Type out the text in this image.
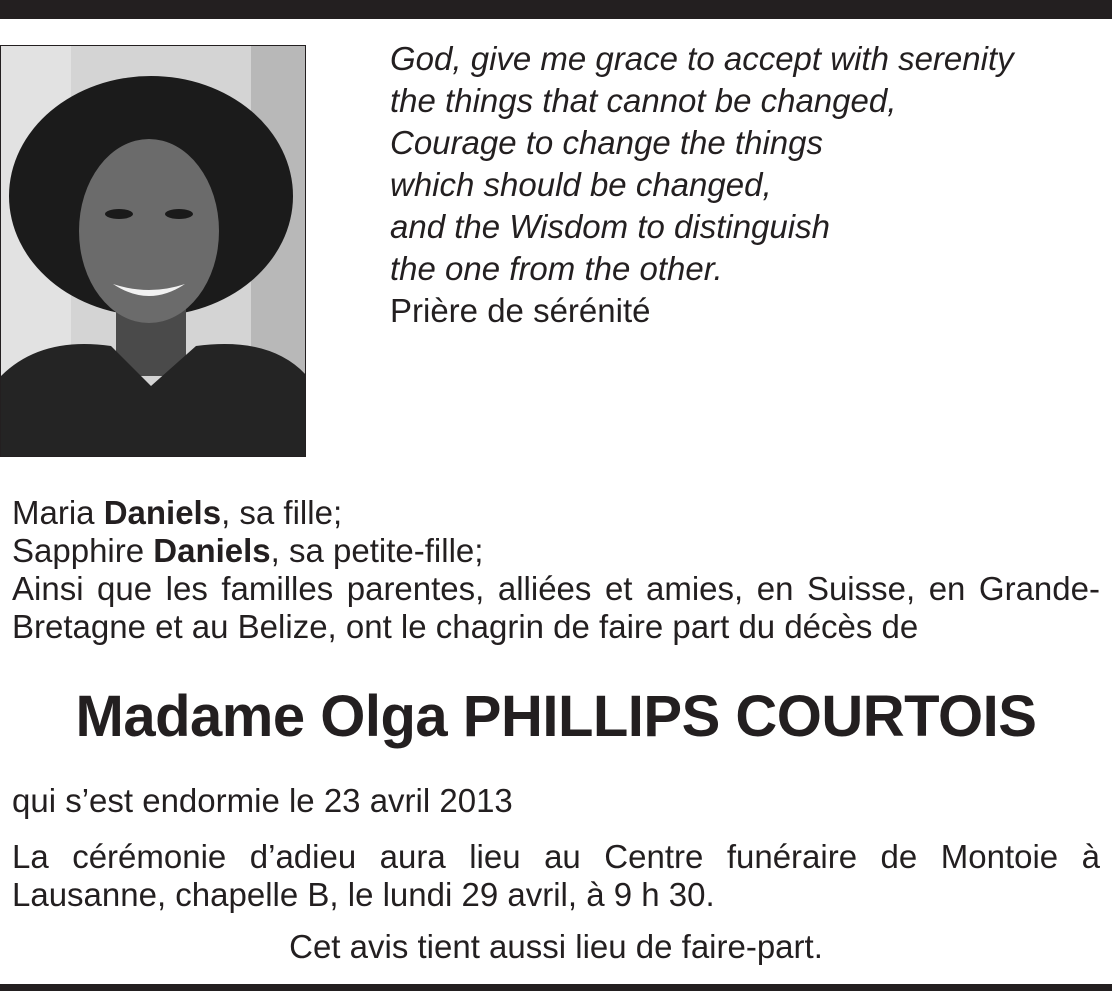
God, give me grace to accept with serenity
the things that cannot be changed,
Courage to change the things
which should be changed,
and the Wisdom to distinguish
the one from the other.
Prière de sérénité
Maria Daniels, sa fille;
Sapphire Daniels, sa petite-fille;
Ainsi que les familles parentes, alliées et amies, en Suisse, en Grande-
Bretagne et au Belize, ont le chagrin de faire part du décès de
Madame Olga PHILLIPS COURTOIS
qui s’est endormie le 23 avril 2013
La cérémonie d’adieu aura lieu au Centre funéraire de Montoie à
Lausanne, chapelle B, le lundi 29 avril, à 9 h 30.
Cet avis tient aussi lieu de faire-part.
